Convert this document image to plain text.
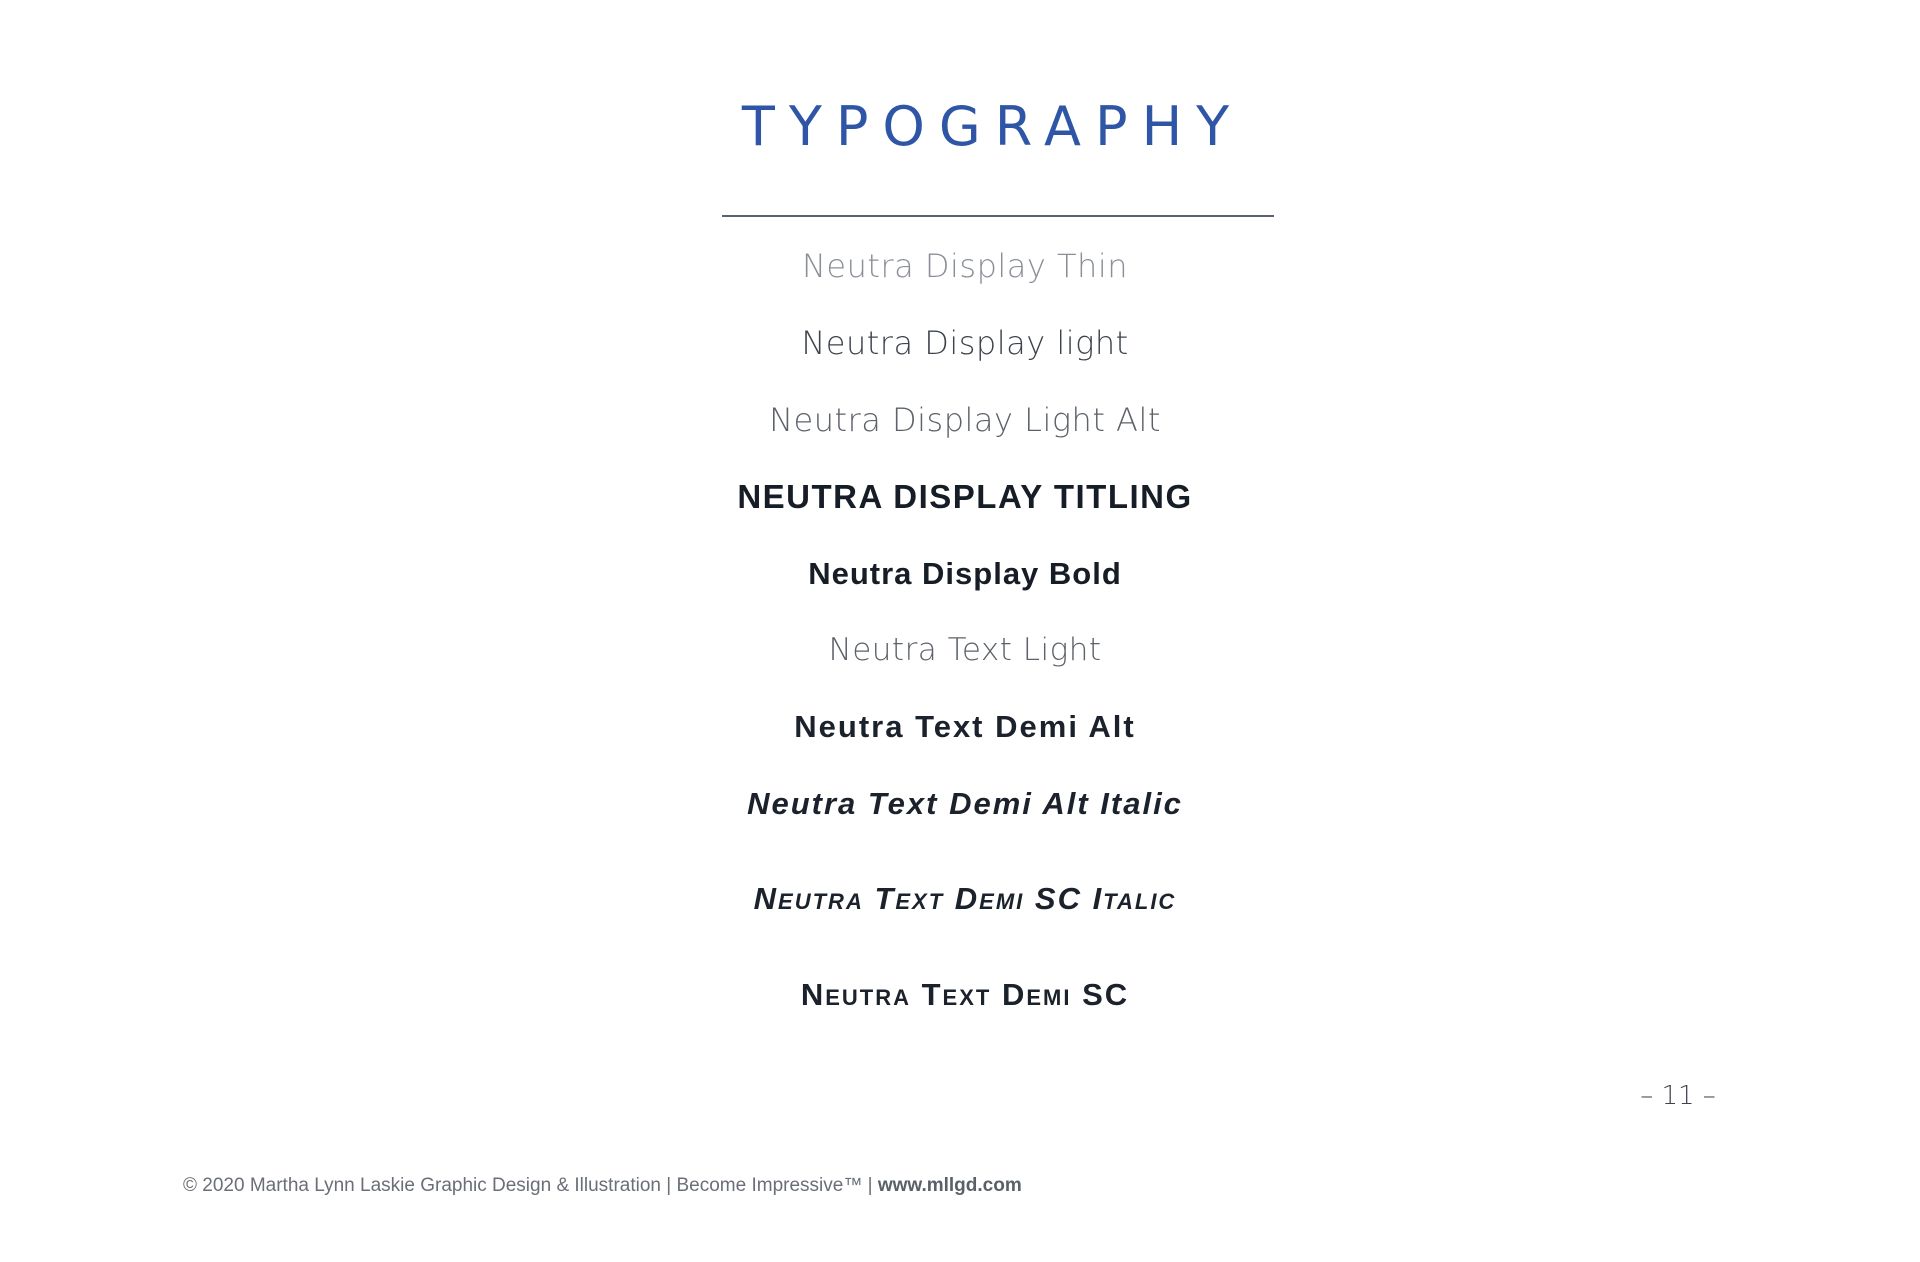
TYPOGRAPHY
Neutra Display Thin
Neutra Display light
Neutra Display Light Alt
NEUTRA DISPLAY TITLING
Neutra Display Bold
Neutra Text Light
Neutra Text Demi Alt
Neutra Text Demi Alt Italic
Neutra Text Demi SC Italic
Neutra Text Demi SC
– 11 –
© 2020 Martha Lynn Laskie Graphic Design & Illustration | Become Impressive™ | www.mllgd.com
